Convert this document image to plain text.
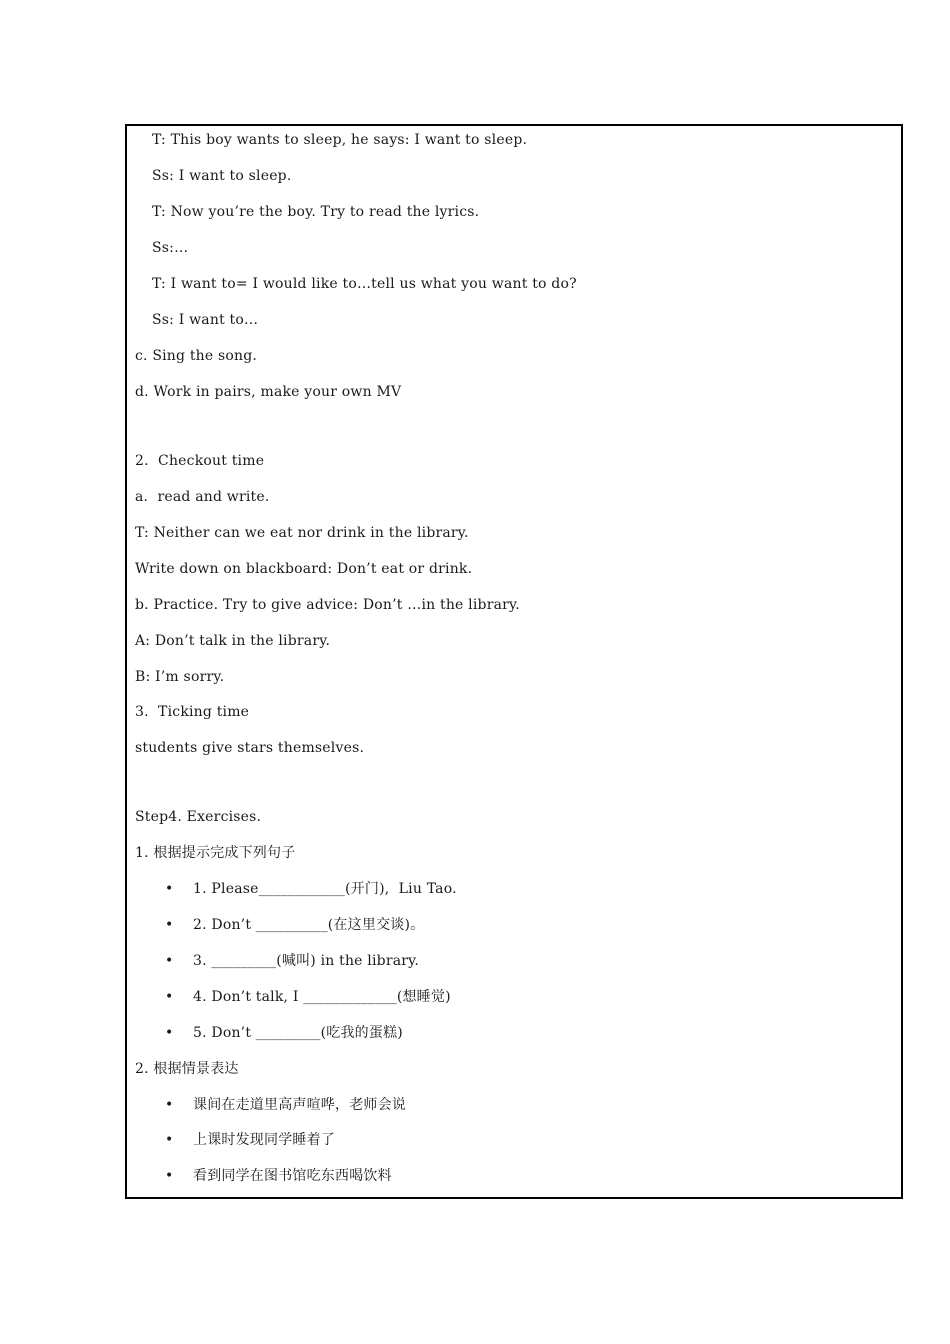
T: This boy wants to sleep, he says: I want to sleep.
Ss: I want to sleep.
T: Now you’re the boy. Try to read the lyrics.
Ss:…
T: I want to= I would like to…tell us what you want to do?
Ss: I want to…
c. Sing the song.
d. Work in pairs, make your own MV
2.  Checkout time
a.  read and write.
T: Neither can we eat nor drink in the library.
Write down on blackboard: Don’t eat or drink.
b. Practice. Try to give advice: Don’t …in the library.
A: Don’t talk in the library.
B: I’m sorry.
3.  Ticking time
students give stars themselves.
Step4. Exercises.
1. 根据提示完成下列句子
• 1. Please____________(开门),  Liu Tao.
• 2. Don’t __________(在这里交谈)。
• 3. _________(喊叫) in the library.
• 4. Don’t talk, I _____________(想睡觉)
• 5. Don’t _________(吃我的蛋糕)
2. 根据情景表达
• 课间在走道里高声喧哗，老师会说
• 上课时发现同学睡着了
• 看到同学在图书馆吃东西喝饮料
